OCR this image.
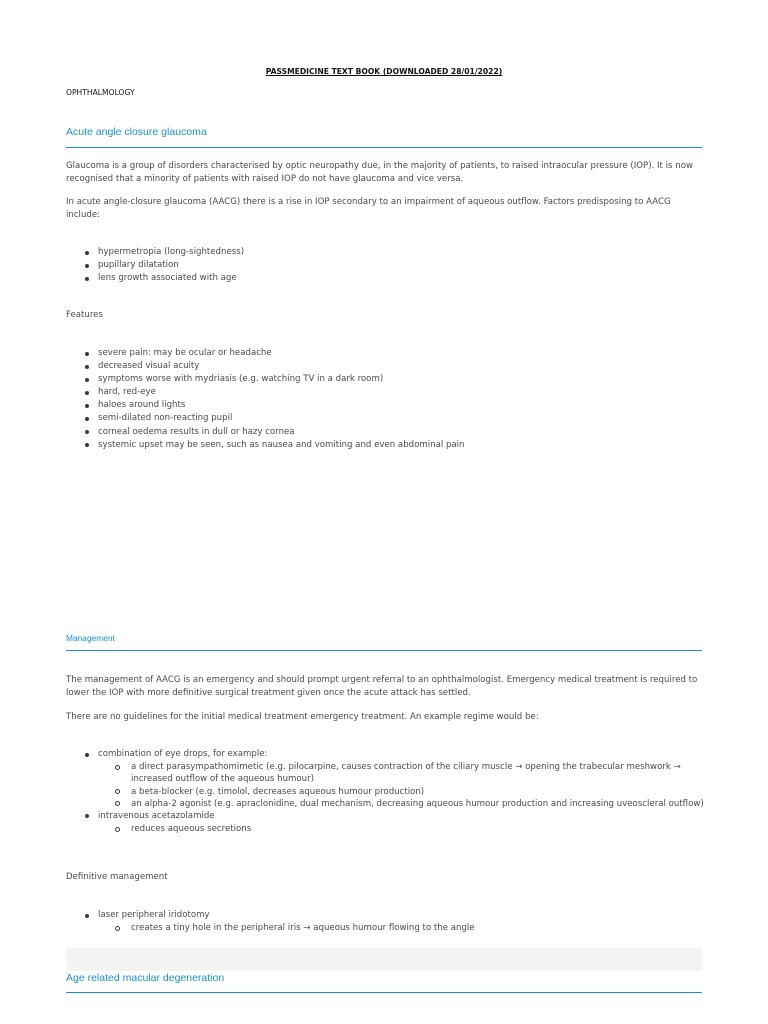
PASSMEDICINE TEXT BOOK (DOWNLOADED 28/01/2022)
OPHTHALMOLOGY
Acute angle closure glaucoma

Glaucoma is a group of disorders characterised by optic neuropathy due, in the majority of patients, to raised intraocular pressure (IOP). It is now recognised that a minority of patients with raised IOP do not have glaucoma and vice versa.

In acute angle-closure glaucoma (AACG) there is a rise in IOP secondary to an impairment of aqueous outflow. Factors predisposing to AACG include:

hypermetropia (long-sightedness)
pupillary dilatation
lens growth associated with age

Features

severe pain: may be ocular or headache
decreased visual acuity
symptoms worse with mydriasis (e.g. watching TV in a dark room)
hard, red-eye
haloes around lights
semi-dilated non-reacting pupil
corneal oedema results in dull or hazy cornea
systemic upset may be seen, such as nausea and vomiting and even abdominal pain
Management

The management of AACG is an emergency and should prompt urgent referral to an ophthalmologist. Emergency medical treatment is required to lower the IOP with more definitive surgical treatment given once the acute attack has settled.

There are no guidelines for the initial medical treatment emergency treatment. An example regime would be:

combination of eye drops, for example:
a direct parasympathomimetic (e.g. pilocarpine, causes contraction of the ciliary muscle → opening the trabecular meshwork → increased outflow of the aqueous humour)
a beta-blocker (e.g. timolol, decreases aqueous humour production)
an alpha-2 agonist (e.g. apraclonidine, dual mechanism, decreasing aqueous humour production and increasing uveoscleral outflow)
intravenous acetazolamide
reduces aqueous secretions

Definitive management

laser peripheral iridotomy
creates a tiny hole in the peripheral iris → aqueous humour flowing to the angle
Age related macular degeneration
